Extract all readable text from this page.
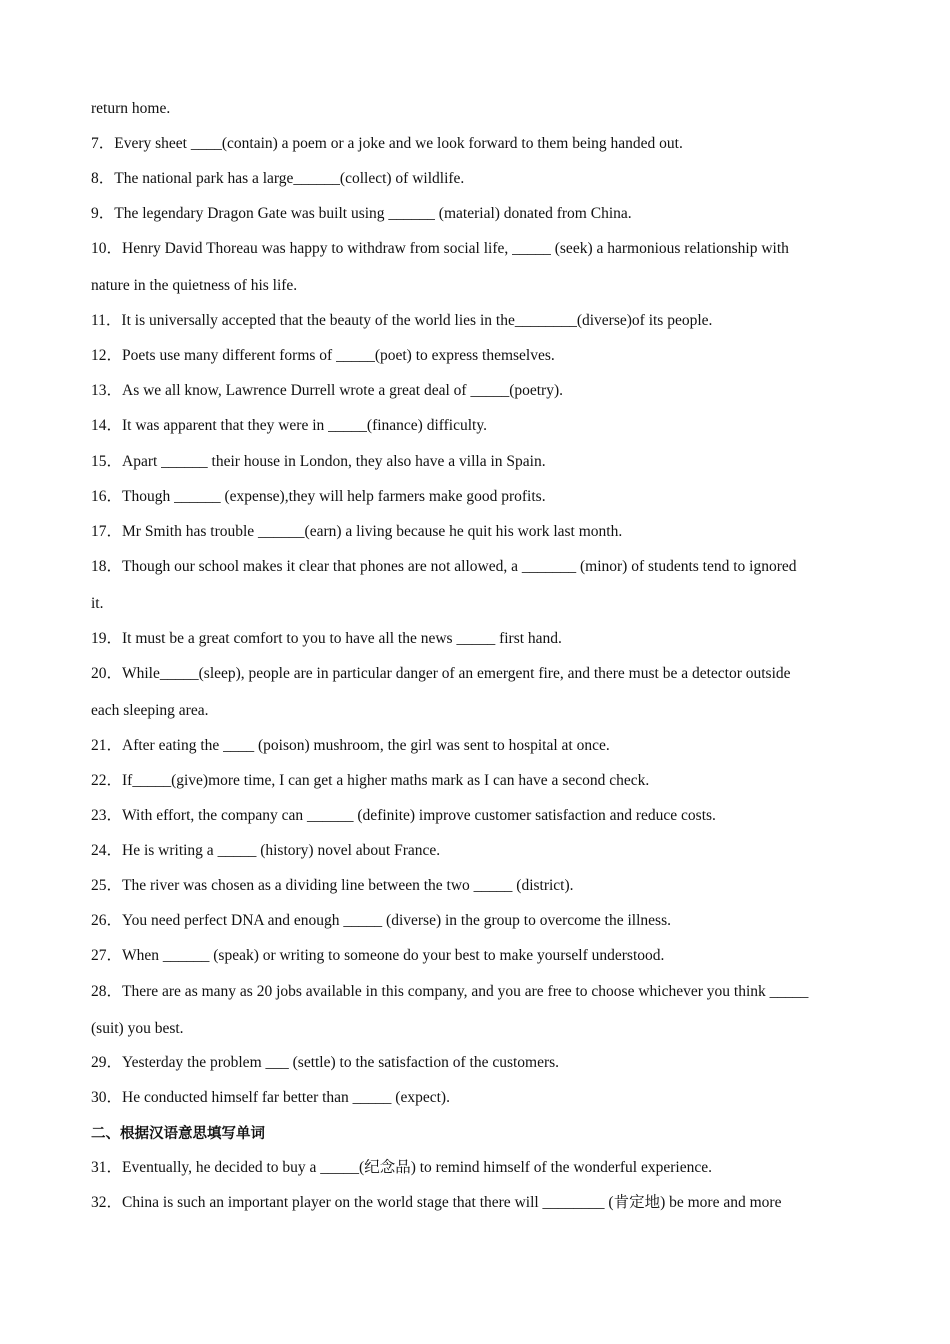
return home.
7．Every sheet ____(contain) a poem or a joke and we look forward to them being handed out.
8．The national park has a large______(collect) of wildlife.
9．The legendary Dragon Gate was built using ______ (material) donated from China.
10．Henry David Thoreau was happy to withdraw from social life, _____ (seek) a harmonious relationship with
nature in the quietness of his life.
11．It is universally accepted that the beauty of the world lies in the________(diverse)of its people.
12．Poets use many different forms of _____(poet) to express themselves.
13．As we all know, Lawrence Durrell wrote a great deal of _____(poetry).
14．It was apparent that they were in _____(finance) difficulty.
15．Apart ______ their house in London, they also have a villa in Spain.
16．Though ______ (expense),they will help farmers make good profits.
17．Mr Smith has trouble ______(earn) a living because he quit his work last month.
18．Though our school makes it clear that phones are not allowed, a _______ (minor) of students tend to ignored
it.
19．It must be a great comfort to you to have all the news _____ first hand.
20．While_____(sleep), people are in particular danger of an emergent fire, and there must be a detector outside
each sleeping area.
21．After eating the ____ (poison) mushroom, the girl was sent to hospital at once.
22．If_____(give)more time, I can get a higher maths mark as I can have a second check.
23．With effort, the company can ______ (definite) improve customer satisfaction and reduce costs.
24．He is writing a _____ (history) novel about France.
25．The river was chosen as a dividing line between the two _____ (district).
26．You need perfect DNA and enough _____ (diverse) in the group to overcome the illness.
27．When ______ (speak) or writing to someone do your best to make yourself understood.
28．There are as many as 20 jobs available in this company, and you are free to choose whichever you think _____
(suit) you best.
29．Yesterday the problem ___ (settle) to the satisfaction of the customers.
30．He conducted himself far better than _____ (expect).
二、根据汉语意思填写单词
31．Eventually, he decided to buy a _____(纪念品) to remind himself of the wonderful experience.
32．China is such an important player on the world stage that there will ________ (肯定地) be more and more
